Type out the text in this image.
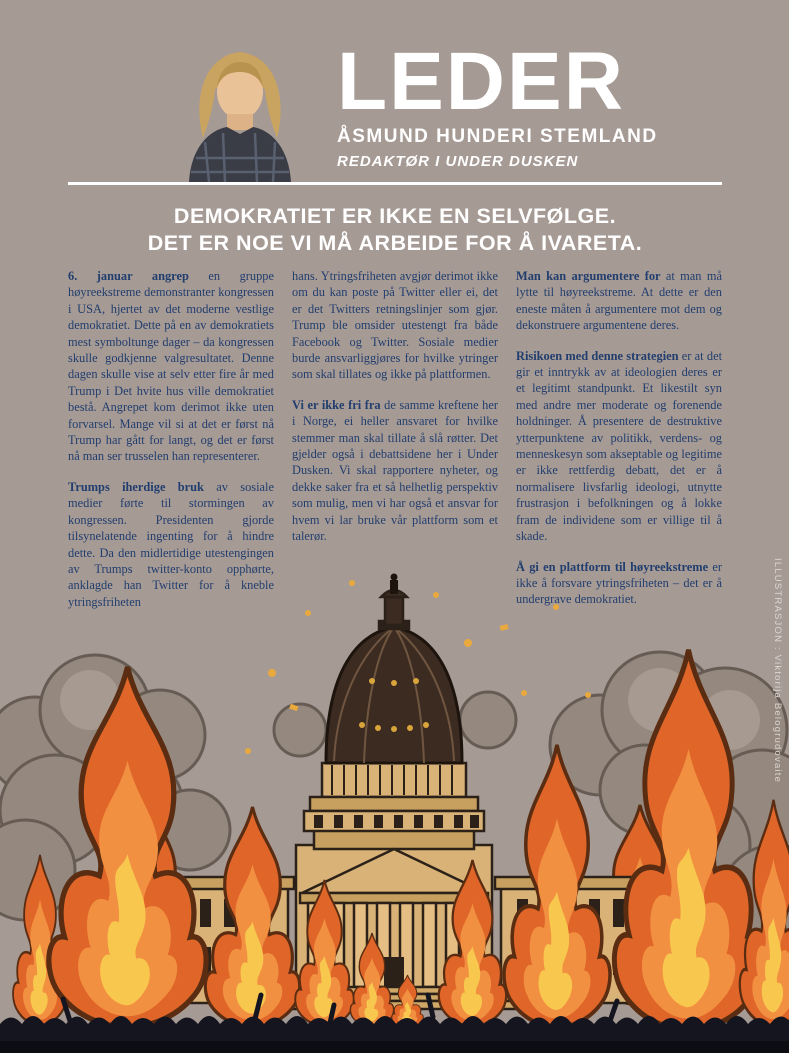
LEDER
ÅSMUND HUNDERI STEMLAND
REDAKTØR I UNDER DUSKEN
DEMOKRATIET ER IKKE EN SELVFØLGE.
DET ER NOE VI MÅ ARBEIDE FOR Å IVARETA.

6. januar angrep en gruppe høyreekstreme demonstranter kongressen i USA, hjertet av det moderne vestlige demokratiet. Dette på en av demokratiets mest symboltunge dager – da kongressen skulle godkjenne valgresultatet. Denne dagen skulle vise at selv etter fire år med Trump i Det hvite hus ville demokratiet bestå. Angrepet kom derimot ikke uten forvarsel. Mange vil si at det er først nå Trump har gått for langt, og det er først nå man ser trusselen han representerer.

Trumps iherdige bruk av sosiale medier førte til stormingen av kongressen. Presidenten gjorde tilsynelatende ingenting for å hindre dette. Da den midlertidige utestengingen av Trumps twitter-konto opphørte, anklagde han Twitter for å kneble ytringsfriheten

hans. Ytringsfriheten avgjør derimot ikke om du kan poste på Twitter eller ei, det er det Twitters retningslinjer som gjør. Trump ble omsider utestengt fra både Facebook og Twitter. Sosiale medier burde ansvarliggjøres for hvilke ytringer som skal tillates og ikke på plattformen.

Vi er ikke fri fra de samme kreftene her i Norge, ei heller ansvaret for hvilke stemmer man skal tillate å slå røtter. Det gjelder også i debattsidene her i Under Dusken. Vi skal rapportere nyheter, og dekke saker fra et så helhetlig perspektiv som mulig, men vi har også et ansvar for hvem vi lar bruke vår plattform som et talerør.

Man kan argumentere for at man må lytte til høyreekstreme. At dette er den eneste måten å argumentere mot dem og dekonstruere argumentene deres.

Risikoen med denne strategien er at det gir et inntrykk av at ideologien deres er et legitimt standpunkt. Et likestilt syn med andre mer moderate og forenende holdninger. Å presentere de destruktive ytterpunktene av politikk, verdens- og menneskesyn som akseptable og legitime er ikke rettferdig debatt, det er å normalisere livsfarlig ideologi, utnytte frustrasjon i befolkningen og å lokke fram de individene som er villige til å skade.

Å gi en plattform til høyreekstreme er ikke å forsvare ytringsfriheten – det er å undergrave demokratiet.	ILLUSTRASJON : Viktorija Belogrudovaite
